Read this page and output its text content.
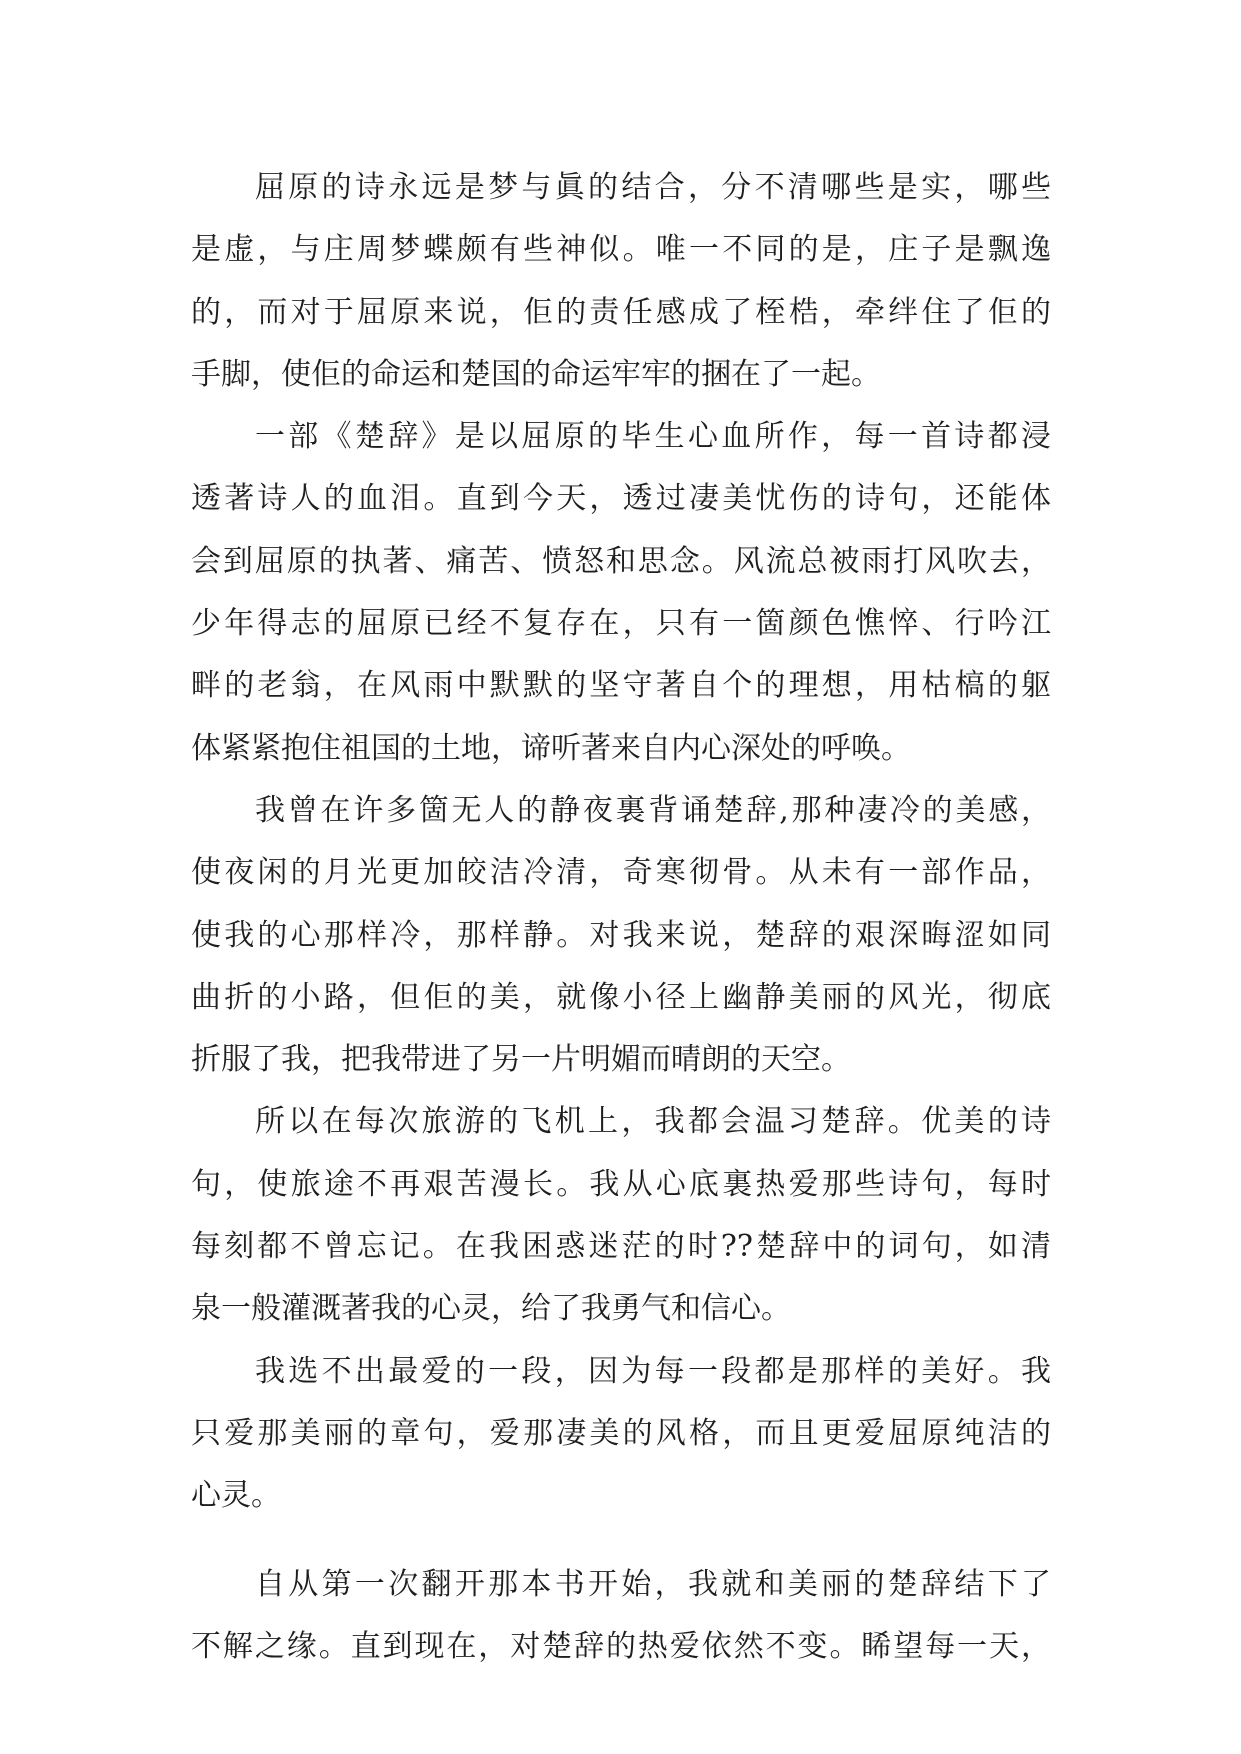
屈原的诗永远是梦与眞的结合，分不清哪些是实，哪些
是虚，与庄周梦蝶颇有些神似。唯一不同的是，庄子是飘逸
的，而对于屈原来说，佢的责任感成了桎梏，牵绊住了佢的
手脚，使佢的命运和楚国的命运牢牢的捆在了一起。
一部《楚辞》是以屈原的毕生心血所作，每一首诗都浸
透著诗人的血泪。直到今天，透过凄美忧伤的诗句，还能体
会到屈原的执著、痛苦、愤怒和思念。风流总被雨打风吹去，
少年得志的屈原已经不复存在，只有一箇颜色憔悴、行吟江
畔的老翁，在风雨中默默的坚守著自个的理想，用枯槁的躯
体紧紧抱住祖国的土地，谛听著来自内心深处的呼唤。
我曾在许多箇无人的静夜裏背诵楚辞,那种凄冷的美感，
使夜闲的月光更加皎洁冷清，奇寒彻骨。从未有一部作品，
使我的心那样冷，那样静。对我来说，楚辞的艰深晦涩如同
曲折的小路，但佢的美，就像小径上幽静美丽的风光，彻底
折服了我，把我带进了另一片明媚而晴朗的天空。
所以在每次旅游的飞机上，我都会温习楚辞。优美的诗
句，使旅途不再艰苦漫长。我从心底裏热爱那些诗句，每时
每刻都不曾忘记。在我困惑迷茫的时??楚辞中的词句，如清
泉一般灌溉著我的心灵，给了我勇气和信心。
我选不出最爱的一段，因为每一段都是那样的美好。我
只爱那美丽的章句，爱那凄美的风格，而且更爱屈原纯洁的
心灵。
自从第一次翻开那本书开始，我就和美丽的楚辞结下了
不解之缘。直到现在，对楚辞的热爱依然不变。睎望每一天，
